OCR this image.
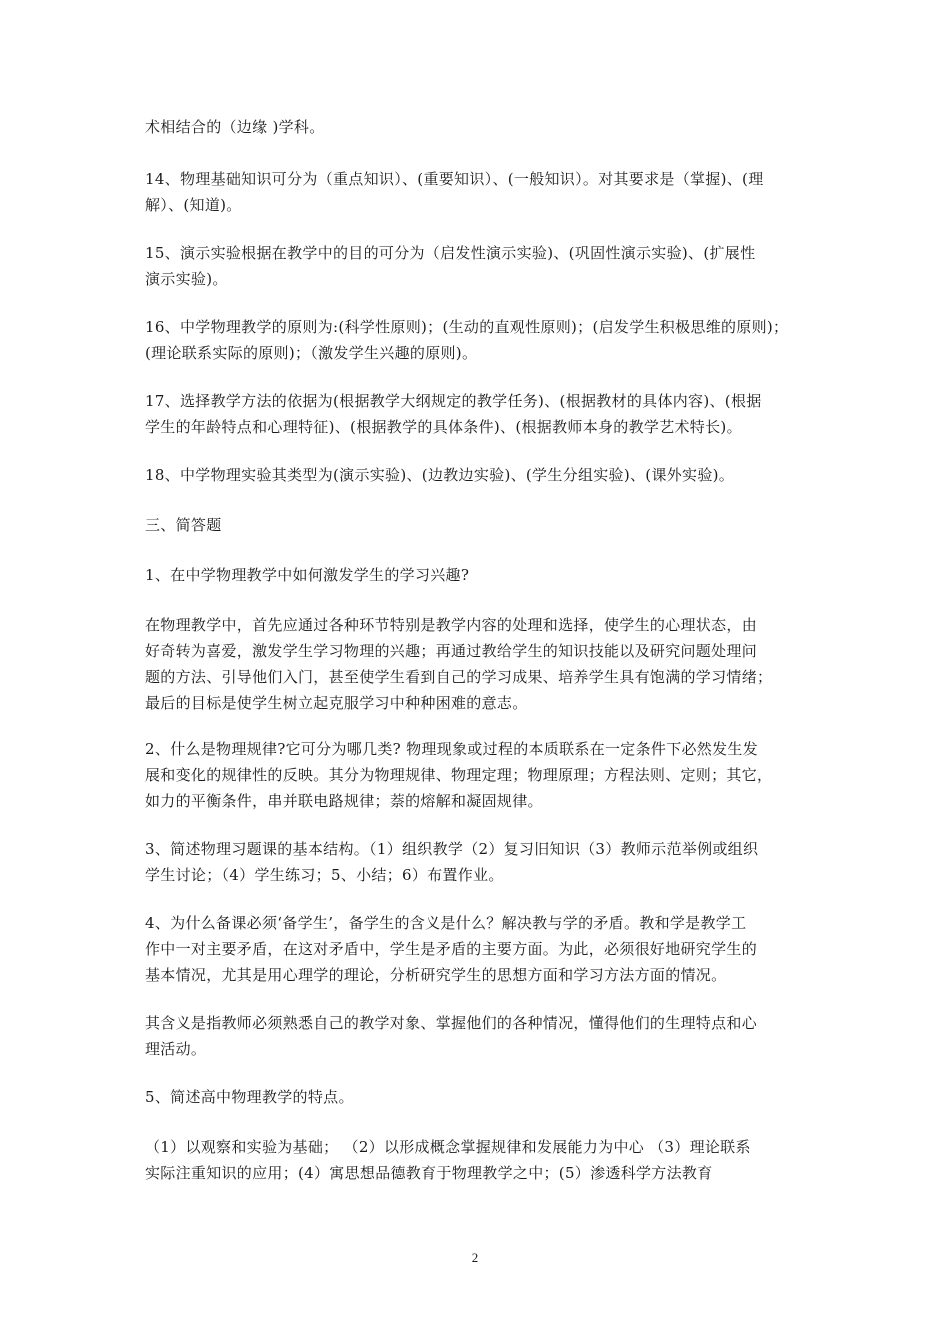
术相结合的（边缘 )学科。

14、物理基础知识可分为（重点知识）、(重要知识）、(一般知识）。对其要求是（掌握)、(理
解）、(知道)。

15、演示实验根据在教学中的目的可分为（启发性演示实验)、(巩固性演示实验)、(扩展性
演示实验)。

16、中学物理教学的原则为:(科学性原则)；(生动的直观性原则)；(启发学生积极思维的原则)；
(理论联系实际的原则)；（激发学生兴趣的原则)。

17、选择教学方法的依据为(根据教学大纲规定的教学任务)、(根据教材的具体内容)、(根据
学生的年龄特点和心理特征)、(根据教学的具体条件)、(根据教师本身的教学艺术特长)。

18、中学物理实验其类型为(演示实验)、(边教边实验)、(学生分组实验)、(课外实验)。

三、简答题

1、在中学物理教学中如何激发学生的学习兴趣?

在物理教学中，首先应通过各种环节特别是教学内容的处理和选择，使学生的心理状态，由
好奇转为喜爱，激发学生学习物理的兴趣；再通过教给学生的知识技能以及研究问题处理问
题的方法、引导他们入门，甚至使学生看到自己的学习成果、培养学生具有饱满的学习情绪；
最后的目标是使学生树立起克服学习中种种困难的意志。

2、什么是物理规律?它可分为哪几类? 物理现象或过程的本质联系在一定条件下必然发生发
展和变化的规律性的反映。其分为物理规律、物理定理；物理原理；方程法则、定则；其它，
如力的平衡条件，串并联电路规律；萘的熔解和凝固规律。

3、简述物理习题课的基本结构。（1）组织教学（2）复习旧知识（3）教师示范举例或组织
学生讨论；（4）学生练习；5、小结；6）布置作业。

4、为什么备课必须‘备学生’，备学生的含义是什么？解决教与学的矛盾。教和学是教学工
作中一对主要矛盾，在这对矛盾中，学生是矛盾的主要方面。为此，必须很好地研究学生的
基本情况，尤其是用心理学的理论，分析研究学生的思想方面和学习方法方面的情况。

其含义是指教师必须熟悉自己的教学对象、掌握他们的各种情况，懂得他们的生理特点和心
理活动。

5、简述高中物理教学的特点。

（1）以观察和实验为基础； （2）以形成概念掌握规律和发展能力为中心 （3）理论联系
实际注重知识的应用；(4）寓思想品德教育于物理教学之中；(5）渗透科学方法教育

2
